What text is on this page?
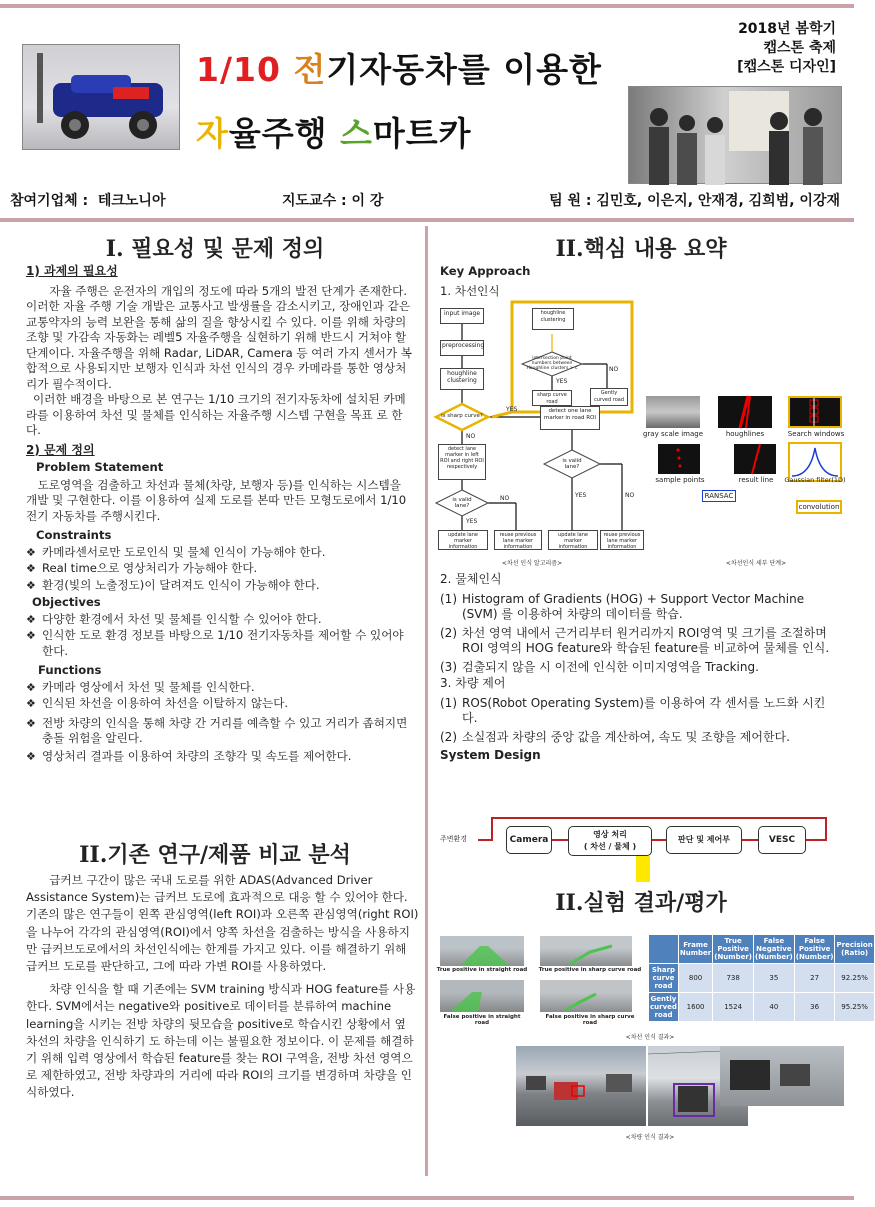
1/10 전기자동차를 이용한
자율주행 스마트카
2018년 봄학기
캡스톤 축제
[캡스톤 디자인]
참여기업체 : 테크노니아	지도교수 : 이 강	팀 원 : 김민호, 이은지, 안재경, 김희범, 이강재
I. 필요성 및 문제 정의

1) 과제의 필요성

자율 주행은 운전자의 개입의 정도에 따라 5개의 발전 단계가 존재한다. 이러한 자율 주행 기술 개발은 교통사고 발생률을 감소시키고, 장애인과 같은 교통약자의 능력 보완을 통해 삶의 질을 향상시킬 수 있다. 이를 위해 차량의 조향 및 가감속 자동화는 레벨5 자율주행을 실현하기 위해 반드시 거쳐야 할 단계이다. 자율주행을 위해 Radar, LiDAR, Camera 등 여러 가지 센서가 복합적으로 사용되지만 보행자 인식과 차선 인식의 경우 카메라를 통한 영상처리가 필수적이다.

이러한 배경을 바탕으로 본 연구는 1/10 크기의 전기자동차에 설치된 카메라를 이용하여 차선 및 물체를 인식하는 자율주행 시스템 구현을 목표 로 한다.

2) 문제 정의

Problem Statement

도로영역을 검출하고 차선과 물체(차량, 보행자 등)를 인식하는 시스템을 개발 및 구현한다. 이를 이용하여 실제 도로를 본따 만든 모형도로에서 1/10 전기 자동차를 주행시킨다.

Constraints

❖ 카메라센서로만 도로인식 및 물체 인식이 가능해야 한다.
❖ Real time으로 영상처리가 가능해야 한다.
❖ 환경(빛의 노출정도)이 달려져도 인식이 가능해야 한다.

Objectives

❖ 다양한 환경에서 차선 및 물체를 인식할 수 있어야 한다.
❖ 인식한 도로 환경 정보를 바탕으로 1/10 전기자동차를 제어할 수 있어야 한다.

Functions

❖ 카메라 영상에서 차선 및 물체를 인식한다.
❖ 인식된 차선을 이용하여 차선을 이탈하지 않는다.
❖ 전방 차량의 인식을 통해 차량 간 거리를 예측할 수 있고 거리가 좁혀지면 충돌 위험을 알린다.
❖ 영상처리 결과를 이용하여 차량의 조향각 및 속도를 제어한다.
II.기존 연구/제품 비교 분석

급커브 구간이 많은 국내 도로를 위한 ADAS(Advanced Driver Assistance System)는 급커브 도로에 효과적으로 대응 할 수 있어야 한다. 기존의 많은 연구들이 왼쪽 관심영역(left ROI)과 오른쪽 관심영역(right ROI)을 나누어 각각의 관심영역(ROI)에서 양쪽 차선을 검출하는 방식을 사용하지만 급커브도로에서의 차선인식에는 한계를 가지고 있다. 이를 해결하기 위해 급커브 도로를 판단하고, 그에 따라 가변 ROI를 사용하였다.

차량 인식을 할 때 기존에는 SVM training 방식과 HOG feature를 사용한다. SVM에서는 negative와 positive로 데이터를 분류하여 machine learning을 시키는 전방 차량의 뒷모습을 positive로 학습시킨 상황에서 옆 차선의 차량을 인식하기 도 하는데 이는 불필요한 정보이다. 이 문제를 해결하기 위해 입력 영상에서 학습된 feature를 찾는 ROI 구역을, 전방 차선 영역으로 제한하였고, 전방 차량과의 거리에 따라 ROI의 크기를 변경하며 차량을 인식하였다.

II.핵심 내용 요약
Key Approach
1. 차선인식
input image
preprocessing
houghline clustering
is sharp curve?
YES
NO
detect lane marker in left ROI and right ROI respectively
is valid lane?
NO
YES
update lane marker information
reuse previous lane marker information
detect one lane marker in road ROI
is valid lane?
YES	NO
update lane marker information
reuse previous lane marker information
houghline clustering
intersection point numbers between Houghline clusters > c
YES
NO
sharp curve road
Gently curved road
<차선 인식 알고리즘>
gray scale image	houghlines	Search windows
sample points	result line	Gaussian filter(1D)
RANSAC
convolution
<차선인식 세부 단계>

2. 물체인식

(1) Histogram of Gradients (HOG) + Support Vector Machine (SVM) 를 이용하여 차량의 데이터를 학습.
(2) 차선 영역 내에서 근거리부터 원거리까지 ROI영역 및 크기를 조절하며 ROI 영역의 HOG feature와 학습된 feature를 비교하여 물체를 인식.
(3) 검출되지 않을 시 이전에 인식한 이미지영역을 Tracking.

3. 차량 제어

(1) ROS(Robot Operating System)를 이용하여 각 센서를 노드화 시킨다.
(2) 소실점과 차량의 중앙 값을 계산하여, 속도 및 조향을 제어한다.

System Design

주변환경	Camera
영상 처리
( 차선 / 물체 )
판단 및 제어부	VESC
II.실험 결과/평가
True positive in straight road True positive in sharp curve road
False positive in straight road
False positive in sharp curve road
	Frame Number	True Positive (Number)	False Negative (Number)	False Positive (Number)	Precision (Ratio)
Sharp curve road	800	738	35	27	92.25%
Gently curved road	1600	1524	40	36	95.25%
<차선 인식 결과>
<차량 인식 결과>
